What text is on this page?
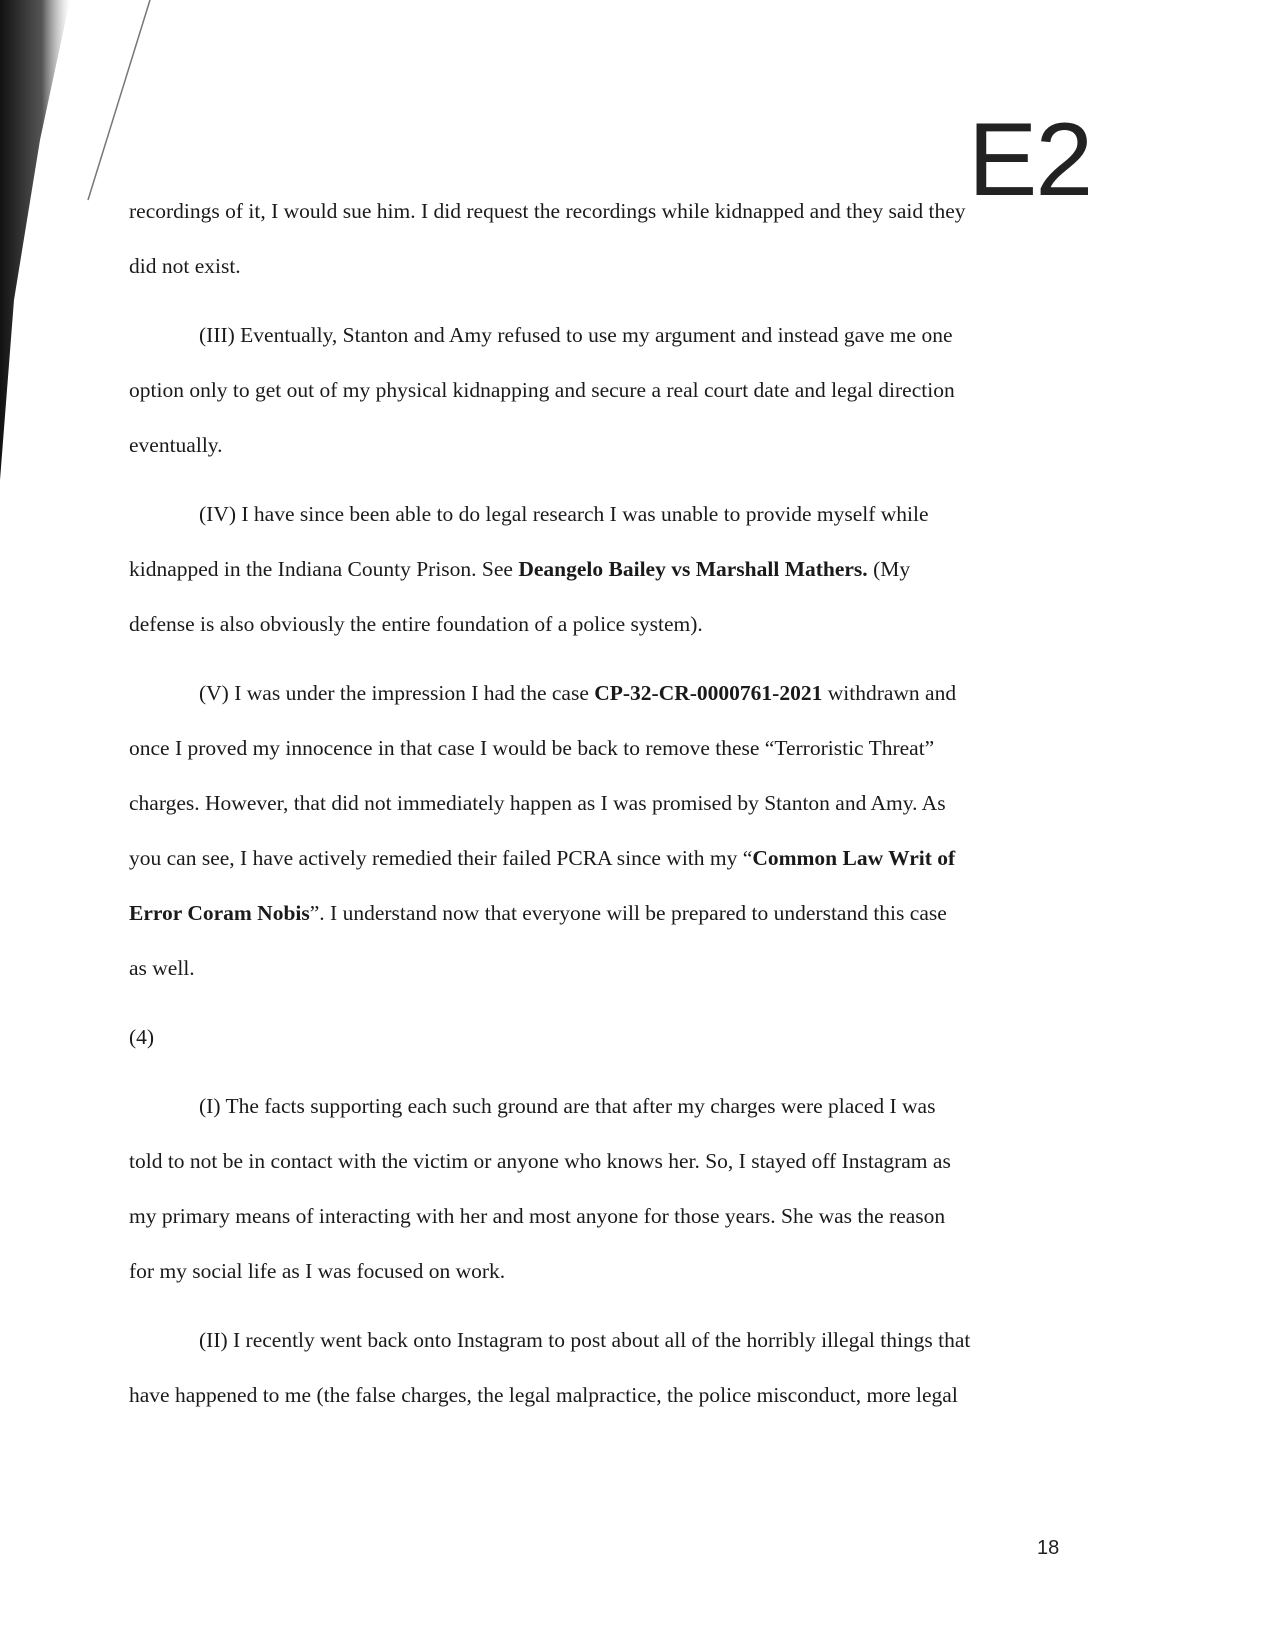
E2
recordings of it, I would sue him. I did request the recordings while kidnapped and they said they
did not exist.
(III) Eventually, Stanton and Amy refused to use my argument and instead gave me one
option only to get out of my physical kidnapping and secure a real court date and legal direction
eventually.
(IV) I have since been able to do legal research I was unable to provide myself while
kidnapped in the Indiana County Prison. See Deangelo Bailey vs Marshall Mathers. (My
defense is also obviously the entire foundation of a police system).
(V) I was under the impression I had the case CP-32-CR-0000761-2021 withdrawn and
once I proved my innocence in that case I would be back to remove these “Terroristic Threat”
charges. However, that did not immediately happen as I was promised by Stanton and Amy. As
you can see, I have actively remedied their failed PCRA since with my “Common Law Writ of
Error Coram Nobis”. I understand now that everyone will be prepared to understand this case
as well.
(4)
(I) The facts supporting each such ground are that after my charges were placed I was
told to not be in contact with the victim or anyone who knows her. So, I stayed off Instagram as
my primary means of interacting with her and most anyone for those years. She was the reason
for my social life as I was focused on work.
(II) I recently went back onto Instagram to post about all of the horribly illegal things that
have happened to me (the false charges, the legal malpractice, the police misconduct, more legal
18
